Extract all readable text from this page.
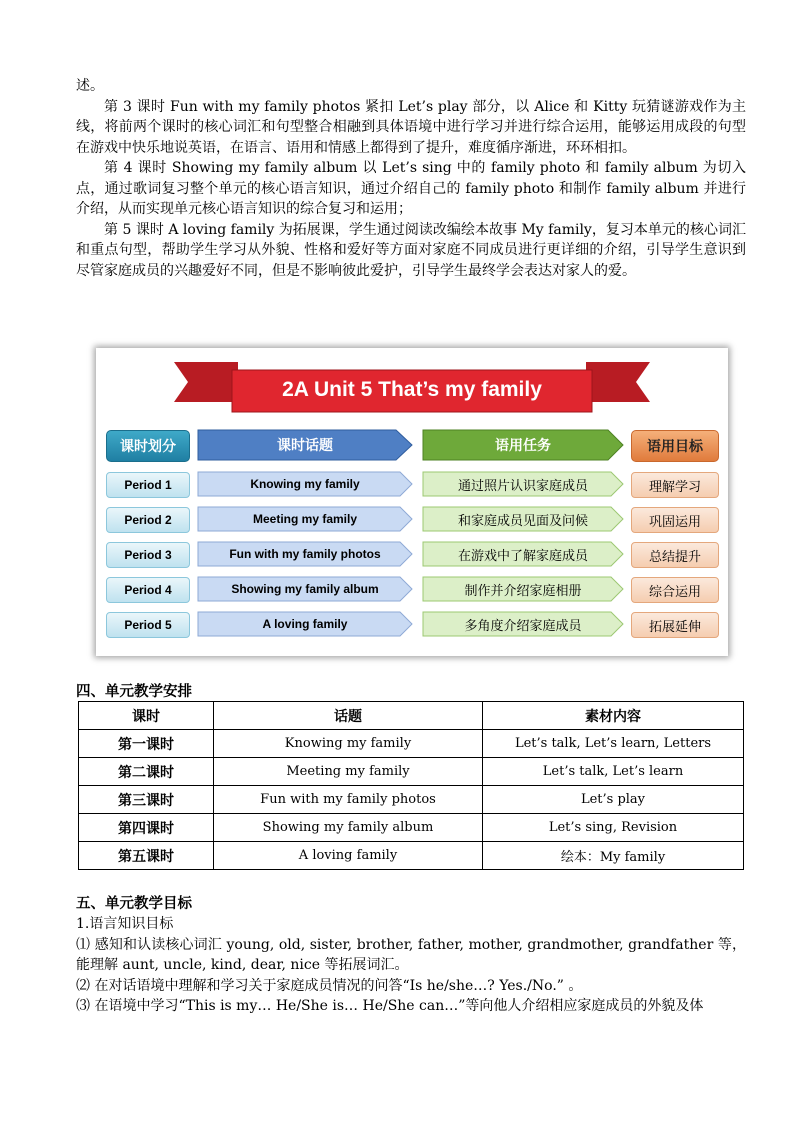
述。

第 3 课时 Fun with my family photos 紧扣 Let’s play 部分，以 Alice 和 Kitty 玩猜谜游戏作为主线，将前两个课时的核心词汇和句型整合相融到具体语境中进行学习并进行综合运用，能够运用成段的句型在游戏中快乐地说英语，在语言、语用和情感上都得到了提升，难度循序渐进，环环相扣。

第 4 课时 Showing my family album 以 Let’s sing 中的 family photo 和 family album 为切入点，通过歌词复习整个单元的核心语言知识，通过介绍自己的 family photo 和制作 family album 并进行介绍，从而实现单元核心语言知识的综合复习和运用；

第 5 课时 A loving family 为拓展课，学生通过阅读改编绘本故事 My family，复习本单元的核心词汇和重点句型，帮助学生学习从外貌、性格和爱好等方面对家庭不同成员进行更详细的介绍，引导学生意识到尽管家庭成员的兴趣爱好不同，但是不影响彼此爱护，引导学生最终学会表达对家人的爱。

2A Unit 5 That’s my family
课时划分	课时话题	语用任务	语用目标
Period 1	Knowing my family	通过照片认识家庭成员	理解学习
Period 2	Meeting my family	和家庭成员见面及问候	巩固运用
Period 3	Fun with my family photos	在游戏中了解家庭成员	总结提升
Period 4	Showing my family album	制作并介绍家庭相册	综合运用
Period 5	A loving family	多角度介绍家庭成员	拓展延伸
四、单元教学安排
课时	话题	素材内容
第一课时	Knowing my family	Let’s talk, Let’s learn, Letters
第二课时	Meeting my family	Let’s talk, Let’s learn
第三课时	Fun with my family photos	Let’s play
第四课时	Showing my family album	Let’s sing, Revision
第五课时	A loving family	绘本：My family
五、单元教学目标

1.语言知识目标

⑴ 感知和认读核心词汇 young, old, sister, brother, father, mother, grandmother, grandfather 等，能理解 aunt, uncle, kind, dear, nice 等拓展词汇。

⑵ 在对话语境中理解和学习关于家庭成员情况的问答“Is he/she…? Yes./No.” 。

⑶ 在语境中学习“This is my… He/She is… He/She can…”等向他人介绍相应家庭成员的外貌及体
